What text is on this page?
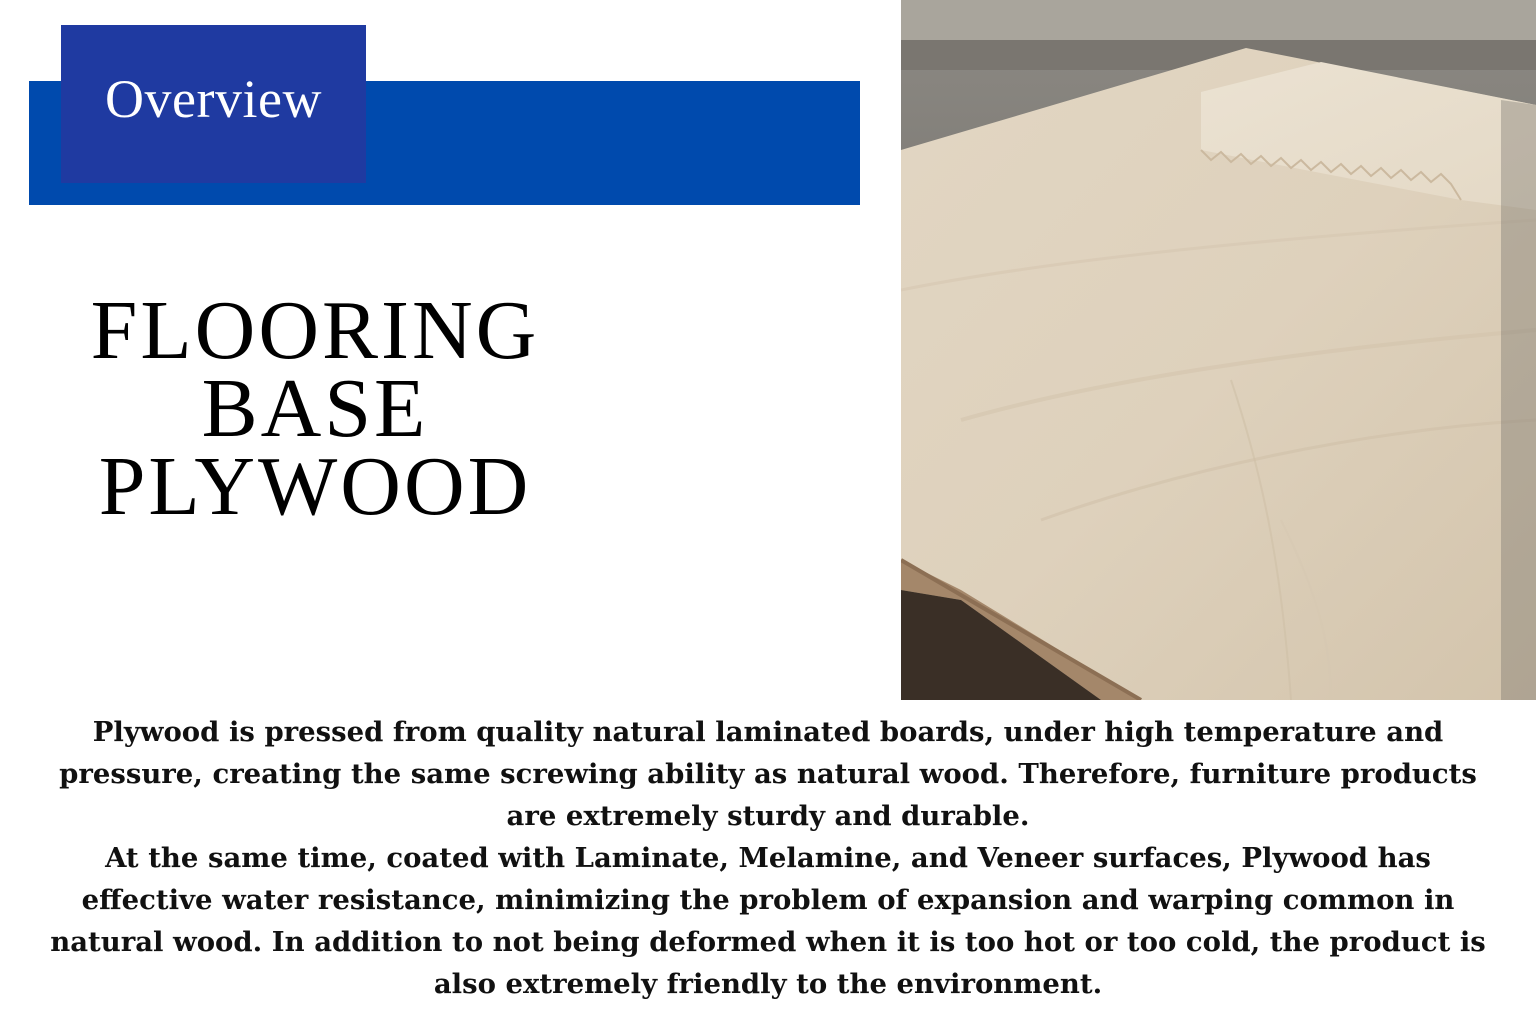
Overview
FLOORING
BASE
PLYWOOD

Plywood is pressed from quality natural laminated boards, under high temperature and pressure, creating the same screwing ability as natural wood. Therefore, furniture products are extremely sturdy and durable.

At the same time, coated with Laminate, Melamine, and Veneer surfaces, Plywood has effective water resistance, minimizing the problem of expansion and warping common in natural wood. In addition to not being deformed when it is too hot or too cold, the product is also extremely friendly to the environment.
